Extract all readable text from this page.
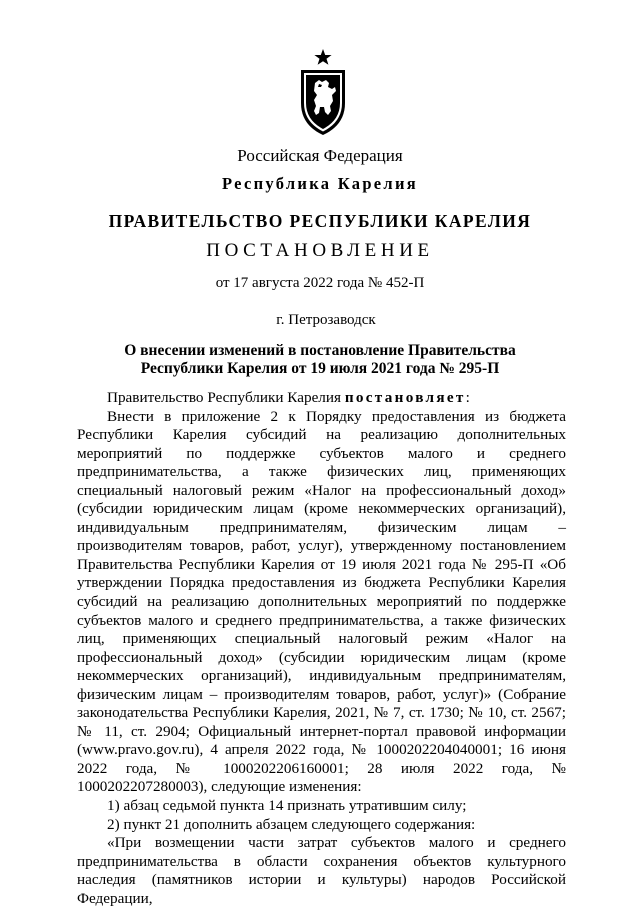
Российская Федерация
Республика Карелия
ПРАВИТЕЛЬСТВО РЕСПУБЛИКИ КАРЕЛИЯ
ПОСТАНОВЛЕНИЕ
от 17 августа 2022 года № 452-П
г. Петрозаводск
О внесении изменений в постановление Правительства
Республики Карелия от 19 июля 2021 года № 295-П

Правительство Республики Карелия постановляет:

Внести в приложение 2 к Порядку предоставления из бюджета Республики Карелия субсидий на реализацию дополнительных мероприятий по поддержке субъектов малого и среднего предпринимательства, а также физических лиц, применяющих специальный налоговый режим «Налог на профессиональный доход» (субсидии юридическим лицам (кроме некоммерческих организаций), индивидуальным предпринимателям, физическим лицам – производителям товаров, работ, услуг), утвержденному постановлением Правительства Республики Карелия от 19 июля 2021 года № 295-П «Об утверждении Порядка предоставления из бюджета Республики Карелия субсидий на реализацию дополнительных мероприятий по поддержке субъектов малого и среднего предпринимательства, а также физических лиц, применяющих специальный налоговый режим «Налог на профессиональный доход» (субсидии юридическим лицам (кроме некоммерческих организаций), индивидуальным предпринимателям, физическим лицам – производителям товаров, работ, услуг)» (Собрание законодательства Республики Карелия, 2021, № 7, ст. 1730; № 10, ст. 2567; № 11, ст. 2904; Официальный интернет-портал правовой информации (www.pravo.gov.ru), 4 апреля 2022 года, № 1000202204040001; 16 июня 2022 года, № 1000202206160001; 28 июля 2022 года, № 1000202207280003), следующие изменения:

1) абзац седьмой пункта 14 признать утратившим силу;

2) пункт 21 дополнить абзацем следующего содержания:

«При возмещении части затрат субъектов малого и среднего предпринимательства в области сохранения объектов культурного наследия (памятников истории и культуры) народов Российской Федерации,
